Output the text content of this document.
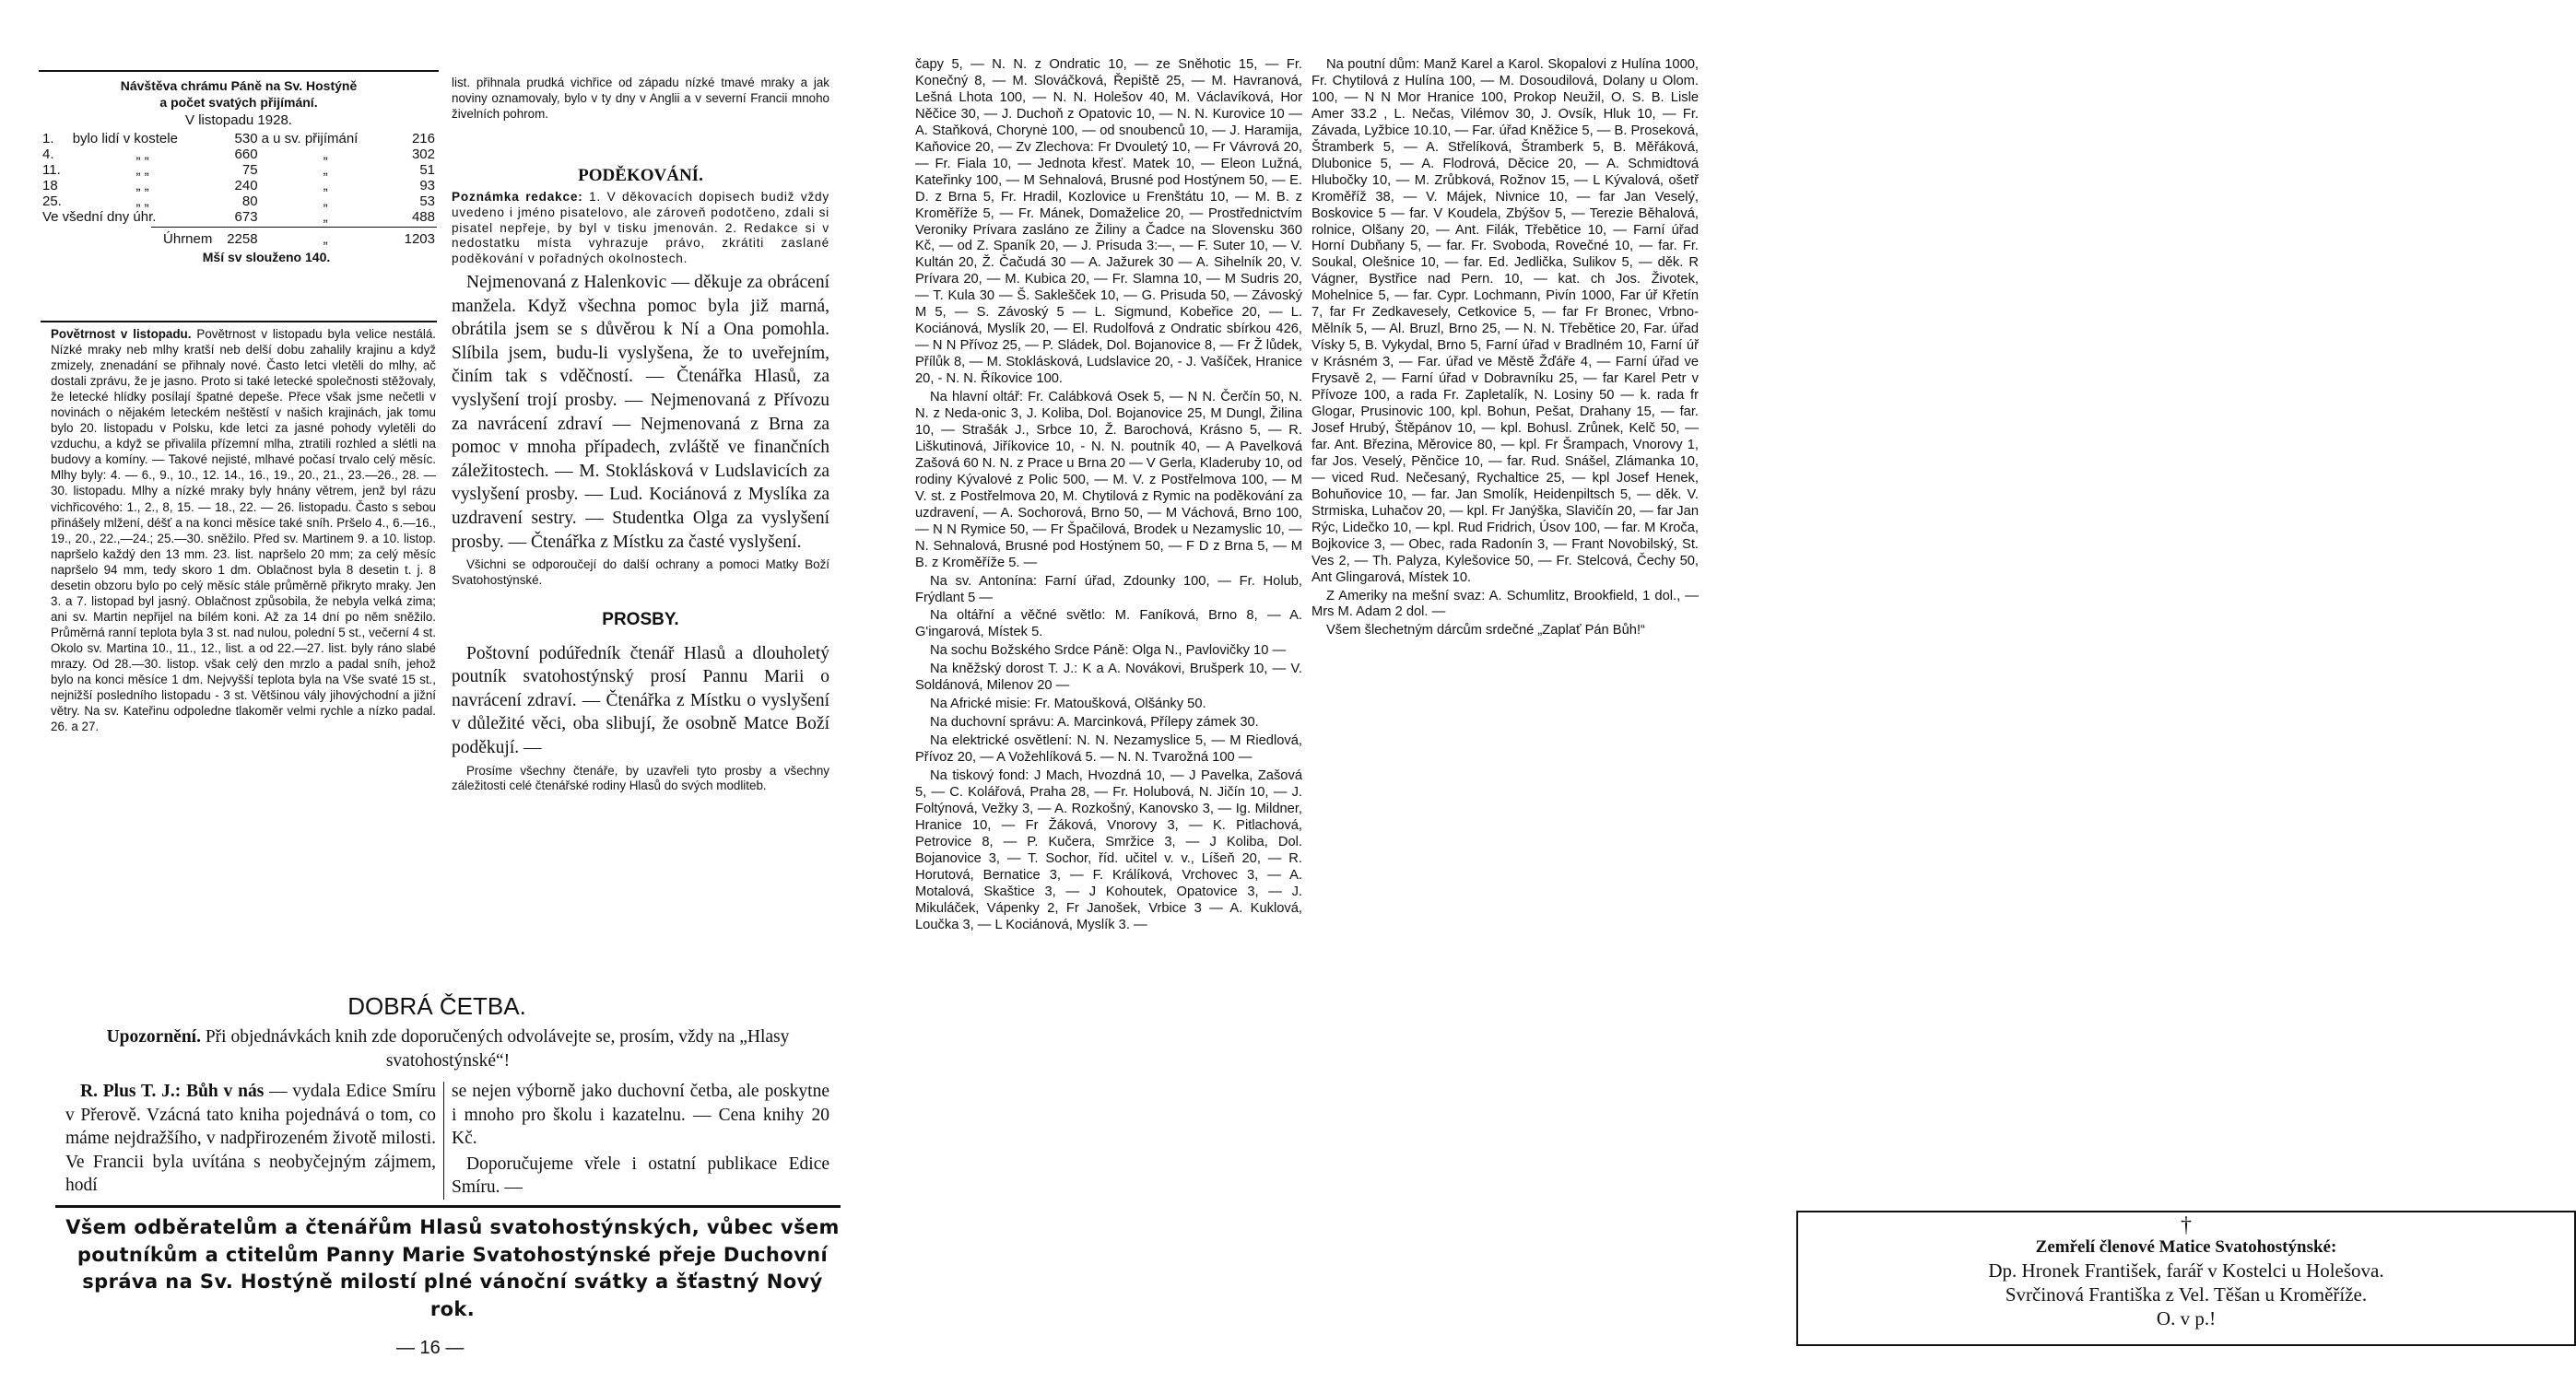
Návštěva chrámu Páně na Sv. Hostýně
a počet svatých přijímání.
V listopadu 1928.
1.	bylo lidí v kostele	530	a u sv. přijímání	216
4.	„ „	660	„	302
11.	„ „	75	„	51
18	„ „	240	„	93
25.	„ „	80	„	53
Ve všední dny úhr.		673	„	488

	Úhrnem	2258	„	1203
Mší sv slouženo 140.

Povětrnost v listopadu. Povětrnost v listopadu byla velice nestálá. Nízké mraky neb mlhy kratší neb delší dobu zahalily krajinu a když zmizely, znenadání se přihnaly nové. Často letci vletěli do mlhy, ač dostali zprávu, že je jasno. Proto si také letecké společnosti stěžovaly, že letecké hlídky posílají špatné depeše. Přece však jsme nečetli v novinách o nějakém leteckém neštěstí v našich krajinách, jak tomu bylo 20. listopadu v Polsku, kde letci za jasné pohody vyletěli do vzduchu, a když se přivalila přízemní mlha, ztratili rozhled a slétli na budovy a komíny. — Takové nejisté, mlhavé počasí trvalo celý měsíc. Mlhy byly: 4. — 6., 9., 10., 12. 14., 16., 19., 20., 21., 23.—26., 28. — 30. listopadu. Mlhy a nízké mraky byly hnány větrem, jenž byl rázu vichřicového: 1., 2., 8, 15. — 18., 22. — 26. listopadu. Často s sebou přinášely mlžení, déšť a na konci měsíce také sníh. Pršelo 4., 6.—16., 19., 20., 22.,—24.; 25.—30. sněžilo. Před sv. Martinem 9. a 10. listop. napršelo každý den 13 mm. 23. list. napršelo 20 mm; za celý měsíc napršelo 94 mm, tedy skoro 1 dm. Oblačnost byla 8 desetin t. j. 8 desetin obzoru bylo po celý měsíc stále průměrně přikryto mraky. Jen 3. a 7. listopad byl jasný. Oblačnost způsobila, že nebyla velká zima; ani sv. Martin nepřijel na bílém koni. Až za 14 dní po něm sněžilo. Průměrná ranní teplota byla 3 st. nad nulou, polední 5 st., večerní 4 st. Okolo sv. Martina 10., 11., 12., list. a od 22.—27. list. byly ráno slabé mrazy. Od 28.—30. listop. však celý den mrzlo a padal sníh, jehož bylo na konci měsíce 1 dm. Nejvyšší teplota byla na Vše svaté 15 st., nejnižší posledního listopadu - 3 st. Většinou vály jihovýchodní a jižní větry. Na sv. Kateřinu odpoledne tlakoměr velmi rychle a nízko padal. 26. a 27.

list. přihnala prudká vichřice od západu nízké tmavé mraky a jak noviny oznamovaly, bylo v ty dny v Anglii a v severní Francii mnoho živelních pohrom.

PODĚKOVÁNÍ.

Poznámka redakce: 1. V děkovacích dopisech budiž vždy uvedeno i jméno pisatelovo, ale zároveň podotčeno, zdali si pisatel nepřeje, by byl v tisku jmenován. 2. Redakce si v nedostatku místa vyhrazuje právo, zkrátiti zaslané poděkování v pořadných okolnostech.

Nejmenovaná z Halenkovic — děkuje za obrácení manžela. Když všechna pomoc byla již marná, obrátila jsem se s důvěrou k Ní a Ona pomohla. Slíbila jsem, budu-li vyslyšena, že to uveřejním, činím tak s vděčností. — Čtenářka Hlasů, za vyslyšení trojí prosby. — Nejmenovaná z Přívozu za navrácení zdraví — Nejmenovaná z Brna za pomoc v mnoha případech, zvláště ve finančních záležitostech. — M. Stoklásková v Ludslavicích za vyslyšení prosby. — Lud. Kociánová z Myslíka za uzdravení sestry. — Studentka Olga za vyslyšení prosby. — Čtenářka z Místku za časté vyslyšení.

Všichni se odporoučejí do další ochrany a pomoci Matky Boží Svatohostýnské.

PROSBY.

Poštovní podúředník čtenář Hlasů a dlouholetý poutník svatohostýnský prosí Pannu Marii o navrácení zdraví. — Čtenářka z Místku o vyslyšení v důležité věci, oba slibují, že osobně Matce Boží poděkují. —

Prosíme všechny čtenáře, by uzavřeli tyto prosby a všechny záležitosti celé čtenářské rodiny Hlasů do svých modliteb.

DOBRÁ ČETBA.
Upozornění. Při objednávkách knih zde doporučených odvolávejte se, prosím, vždy na „Hlasy svatohostýnské“!

R. Plus T. J.: Bůh v nás — vydala Edice Smíru v Přerově. Vzácná tato kniha pojednává o tom, co máme nejdražšího, v nadpřirozeném životě milosti. Ve Francii byla uvítána s neobyčejným zájmem, hodí

se nejen výborně jako duchovní četba, ale poskytne i mnoho pro školu i kazatelnu. — Cena knihy 20 Kč.

Doporučujeme vřele i ostatní publikace Edice Smíru. —

Všem odběratelům a čtenářům Hlasů svatohostýnských, vůbec všem poutníkům a ctitelům Panny Marie Svatohostýnské přeje Duchovní správa na Sv. Hostýně milostí plné vánoční svátky a šťastný Nový rok.
— 16 —

čapy 5, — N. N. z Ondratic 10, — ze Sněhotic 15, — Fr. Konečný 8, — M. Slováčková, Řepiště 25, — M. Havranová, Lešná Lhota 100, — N. N. Holešov 40, M. Václavíková, Hor Něčice 30, — J. Duchoň z Opatovic 10, — N. N. Kurovice 10 — A. Staňková, Chorynė 100, — od snoubenců 10, — J. Haramija, Kaňovice 20, — Zv Zlechova: Fr Dvouletý 10, — Fr Vávrová 20, — Fr. Fiala 10, — Jednota křesť. Matek 10, — Eleon Lužná, Kateřinky 100, — M Sehnalová, Brusné pod Hostýnem 50, — E. D. z Brna 5, Fr. Hradil, Kozlovice u Frenštátu 10, — M. B. z Kroměříže 5, — Fr. Mánek, Domaželice 20, — Prostřednictvím Veroniky Prívara zasláno ze Žiliny a Čadce na Slovensku 360 Kč, — od Z. Spaník 20, — J. Prisuda 3:—, — F. Suter 10, — V. Kultán 20, Ž. Čačudá 30 — A. Jažurek 30 — A. Sihelník 20, V. Prívara 20, — M. Kubica 20, — Fr. Slamna 10, — M Sudris 20, — T. Kula 30 — Š. Saklešček 10, — G. Prisuda 50, — Závoský M 5, — S. Závoský 5 — L. Sigmund, Kobeřice 20, — L. Kociánová, Myslík 20, — El. Rudolfová z Ondratic sbírkou 426, — N N Přívoz 25, — P. Sládek, Dol. Bojanovice 8, — Fr Ž lůdek, Přílůk 8, — M. Stoklásková, Ludslavice 20, - J. Vašíček, Hranice 20, - N. N. Říkovice 100.

Na hlavní oltář: Fr. Calábková Osek 5, — N N. Čerčín 50, N. N. z Neda-onic 3, J. Koliba, Dol. Bojanovice 25, M Dungl, Žilina 10, — Strašák J., Srbce 10, Ž. Barochová, Krásno 5, — R. Liškutinová, Jiříkovice 10, - N. N. poutník 40, — A Pavelková Zašová 60 N. N. z Prace u Brna 20 — V Gerla, Kladeruby 10, od rodiny Kývalové z Polic 500, — M. V. z Postřelmova 100, — M V. st. z Postřelmova 20, M. Chytilová z Rymic na poděkování za uzdravení, — A. Sochorová, Brno 50, — M Váchová, Brno 100, — N N Rymice 50, — Fr Špačilová, Brodek u Nezamyslic 10, — N. Sehnalová, Brusné pod Hostýnem 50, — F D z Brna 5, — M B. z Kroměříže 5. —

Na sv. Antonína: Farní úřad, Zdounky 100, — Fr. Holub, Frýdlant 5 —

Na oltářní a věčné světlo: M. Faníková, Brno 8, — A. G'ingarová, Místek 5.

Na sochu Božského Srdce Páně: Olga N., Pavlovičky 10 —

Na kněžský dorost T. J.: K a A. Novákovi, Brušperk 10, — V. Soldánová, Milenov 20 —

Na Africké misie: Fr. Matoušková, Olšánky 50.

Na duchovní správu: A. Marcinková, Přílepy zámek 30.

Na elektrické osvětlení: N. N. Nezamyslice 5, — M Riedlová, Přívoz 20, — A Vožehlíková 5. — N. N. Tvarožná 100 —

Na tiskový fond: J Mach, Hvozdná 10, — J Pavelka, Zašová 5, — C. Kolářová, Praha 28, — Fr. Holubová, N. Jičín 10, — J. Foltýnová, Vežky 3, — A. Rozkošný, Kanovsko 3, — Ig. Mildner, Hranice 10, — Fr Žáková, Vnorovy 3, — K. Pitlachová, Petrovice 8, — P. Kučera, Smržice 3, — J Koliba, Dol. Bojanovice 3, — T. Sochor, říd. učitel v. v., Líšeň 20, — R. Horutová, Bernatice 3, — F. Králíková, Vrchovec 3, — A. Motalová, Skaštice 3, — J Kohoutek, Opatovice 3, — J. Mikuláček, Vápenky 2, Fr Janošek, Vrbice 3 — A. Kuklová, Loučka 3, — L Kociánová, Myslík 3. —

Na poutní dům: Manž Karel a Karol. Skopalovi z Hulína 1000, Fr. Chytilová z Hulína 100, — M. Dosoudilová, Dolany u Olom. 100, — N N Mor Hranice 100, Prokop Neužil, O. S. B. Lisle Amer 33.2 , L. Nečas, Vilémov 30, J. Ovsík, Hluk 10, — Fr. Závada, Lyžbice 10.10, — Far. úřad Kněžice 5, — B. Proseková, Štramberk 5, — A. Střelíková, Štramberk 5, B. Měřáková, Dlubonice 5, — A. Flodrová, Děcice 20, — A. Schmidtová Hlubočky 10, — M. Zrůbková, Rožnov 15, — L Kývalová, ošetř Kroměříž 38, — V. Májek, Nivnice 10, — far Jan Veselý, Boskovice 5 — far. V Koudela, Zbýšov 5, — Terezie Běhalová, rolnice, Olšany 20, — Ant. Filák, Třebětice 10, — Farní úřad Horní Dubňany 5, — far. Fr. Svoboda, Rovečné 10, — far. Fr. Soukal, Olešnice 10, — far. Ed. Jedlička, Sulikov 5, — děk. R Vágner, Bystřice nad Pern. 10, — kat. ch Jos. Životek, Mohelnice 5, — far. Cypr. Lochmann, Pivín 1000, Far úř Křetín 7, far Fr Zedkavesely, Cetkovice 5, — far Fr Bronec, Vrbno-Mělník 5, — Al. Bruzl, Brno 25, — N. N. Třebětice 20, Far. úřad Vísky 5, B. Vykydal, Brno 5, Farní úřad v Bradlném 10, Farní úř v Krásném 3, — Far. úřad ve Městě Žďáře 4, — Farní úřad ve Frysavě 2, — Farní úřad v Dobravníku 25, — far Karel Petr v Přívoze 100, a rada Fr. Zapletalík, N. Losiny 50 — k. rada fr Glogar, Prusinovic 100, kpl. Bohun, Pešat, Drahany 15, — far. Josef Hrubý, Štěpánov 10, — kpl. Bohusl. Zrůnek, Kelč 50, — far. Ant. Březina, Měrovice 80, — kpl. Fr Šrampach, Vnorovy 1, far Jos. Veselý, Pěnčice 10, — far. Rud. Snášel, Zlámanka 10, — viced Rud. Nečesaný, Rychaltice 25, — kpl Josef Henek, Bohuňovice 10, — far. Jan Smolík, Heidenpiltsch 5, — děk. V. Strmiska, Luhačov 20, — kpl. Fr Janýška, Slavičín 20, — far Jan Rýc, Lidečko 10, — kpl. Rud Fridrich, Úsov 100, — far. M Kroča, Bojkovice 3, — Obec, rada Radonín 3, — Frant Novobilský, St. Ves 2, — Th. Palyza, Kylešovice 50, — Fr. Stelcová, Čechy 50, Ant Glingarová, Místek 10.

Z Ameriky na mešní svaz: A. Schumlitz, Brookfield, 1 dol., — Mrs M. Adam 2 dol. —

Všem šlechetným dárcům srdečné „Zaplať Pán Bůh!“

†
Zemřelí členové Matice Svatohostýnské:
Dp. Hronek František, farář v Kostelci u Holešova.
Svrčinová Františka z Vel. Těšan u Kroměříže.
O. v p.!
